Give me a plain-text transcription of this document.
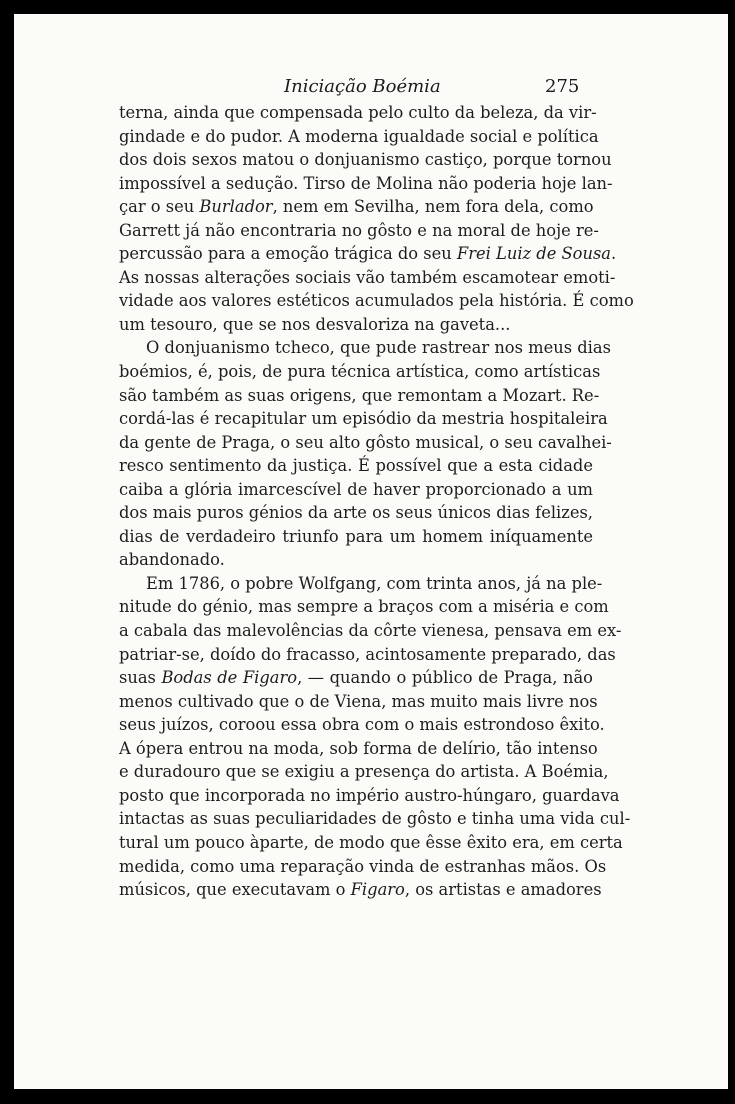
Iniciação Boémia	275
terna, ainda que compensada pelo culto da beleza, da vir-
gindade e do pudor. A moderna igualdade social e política
dos dois sexos matou o donjuanismo castiço, porque tornou
impossível a sedução. Tirso de Molina não poderia hoje lan-
çar o seu Burlador, nem em Sevilha, nem fora dela, como
Garrett já não encontraria no gôsto e na moral de hoje re-
percussão para a emoção trágica do seu Frei Luiz de Sousa.
As nossas alterações sociais vão também escamotear emoti-
vidade aos valores estéticos acumulados pela história. É como
um tesouro, que se nos desvaloriza na gaveta...
O donjuanismo tcheco, que pude rastrear nos meus dias
boémios, é, pois, de pura técnica artística, como artísticas
são também as suas origens, que remontam a Mozart. Re-
cordá-las é recapitular um episódio da mestria hospitaleira
da gente de Praga, o seu alto gôsto musical, o seu cavalhei-
resco sentimento da justiça. É possível que a esta cidade
caiba a glória imarcescível de haver proporcionado a um
dos mais puros génios da arte os seus únicos dias felizes,
dias de verdadeiro triunfo para um homem iníquamente
abandonado.
Em 1786, o pobre Wolfgang, com trinta anos, já na ple-
nitude do génio, mas sempre a braços com a miséria e com
a cabala das malevolências da côrte vienesa, pensava em ex-
patriar-se, doído do fracasso, acintosamente preparado, das
suas Bodas de Figaro, — quando o público de Praga, não
menos cultivado que o de Viena, mas muito mais livre nos
seus juízos, coroou essa obra com o mais estrondoso êxito.
A ópera entrou na moda, sob forma de delírio, tão intenso
e duradouro que se exigiu a presença do artista. A Boémia,
posto que incorporada no império austro-húngaro, guardava
intactas as suas peculiaridades de gôsto e tinha uma vida cul-
tural um pouco àparte, de modo que êsse êxito era, em certa
medida, como uma reparação vinda de estranhas mãos. Os
músicos, que executavam o Figaro, os artistas e amadores
